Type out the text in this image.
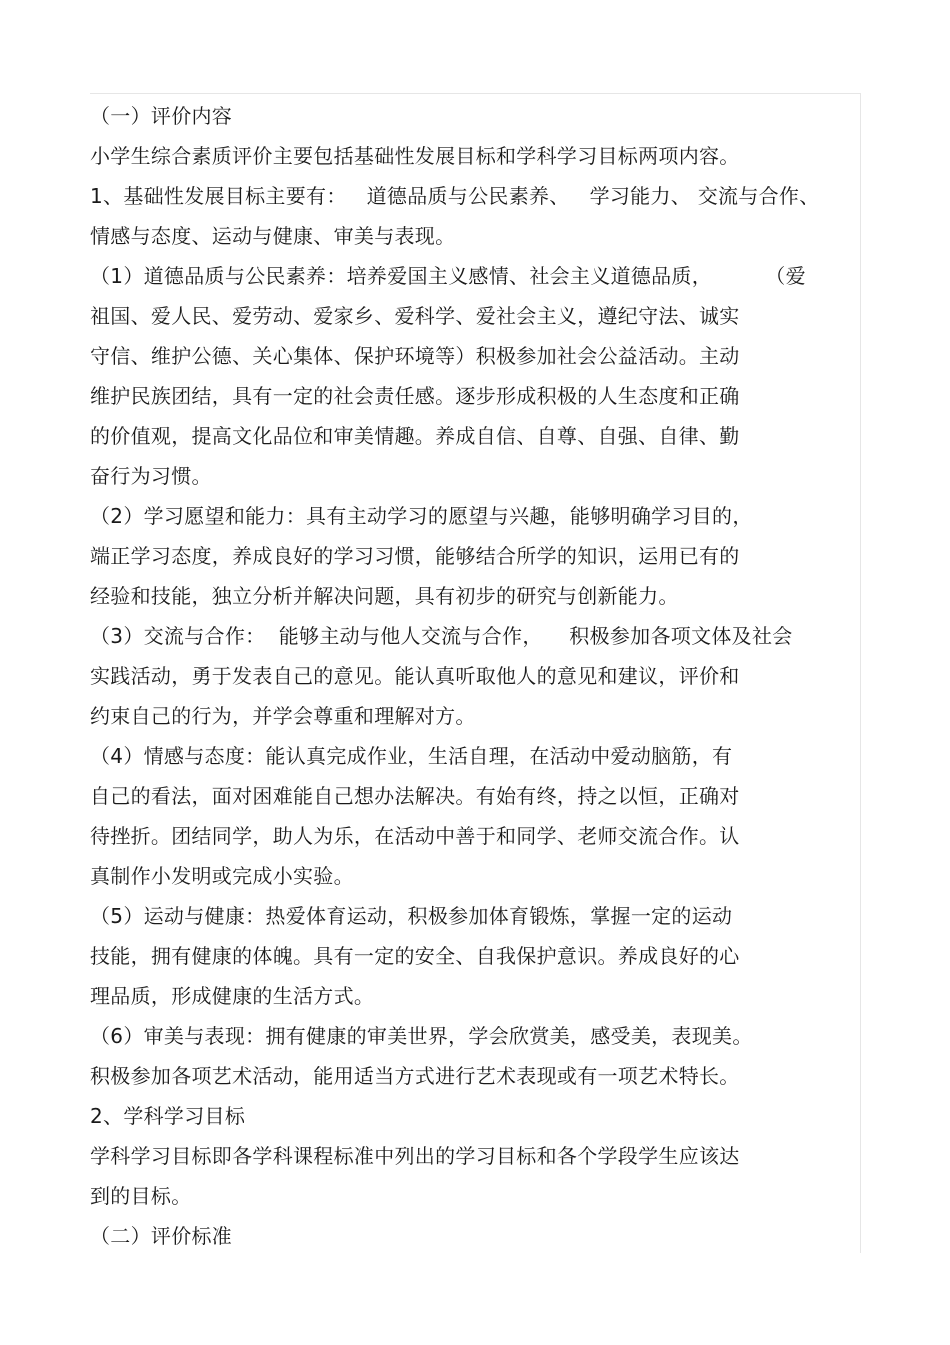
（一）评价内容
小学生综合素质评价主要包括基础性发展目标和学科学习目标两项内容。
1、基础性发展目标主要有：   道德品质与公民素养、   学习能力、 交流与合作、
情感与态度、运动与健康、审美与表现。
（1）道德品质与公民素养：培养爱国主义感情、社会主义道德品质，        （爱
祖国、爱人民、爱劳动、爱家乡、爱科学、爱社会主义，遵纪守法、诚实
守信、维护公德、关心集体、保护环境等）积极参加社会公益活动。主动
维护民族团结，具有一定的社会责任感。逐步形成积极的人生态度和正确
的价值观，提高文化品位和审美情趣。养成自信、自尊、自强、自律、勤
奋行为习惯。
（2）学习愿望和能力：具有主动学习的愿望与兴趣，能够明确学习目的，
端正学习态度，养成良好的学习习惯，能够结合所学的知识，运用已有的
经验和技能，独立分析并解决问题，具有初步的研究与创新能力。
（3）交流与合作：  能够主动与他人交流与合作，    积极参加各项文体及社会
实践活动，勇于发表自己的意见。能认真听取他人的意见和建议，评价和
约束自己的行为，并学会尊重和理解对方。
（4）情感与态度：能认真完成作业，生活自理，在活动中爱动脑筋，有
自己的看法，面对困难能自己想办法解决。有始有终，持之以恒，正确对
待挫折。团结同学，助人为乐，在活动中善于和同学、老师交流合作。认
真制作小发明或完成小实验。
（5）运动与健康：热爱体育运动，积极参加体育锻炼，掌握一定的运动
技能，拥有健康的体魄。具有一定的安全、自我保护意识。养成良好的心
理品质，形成健康的生活方式。
（6）审美与表现：拥有健康的审美世界，学会欣赏美，感受美，表现美。
积极参加各项艺术活动，能用适当方式进行艺术表现或有一项艺术特长。
2、学科学习目标
学科学习目标即各学科课程标准中列出的学习目标和各个学段学生应该达
到的目标。
（二）评价标准
